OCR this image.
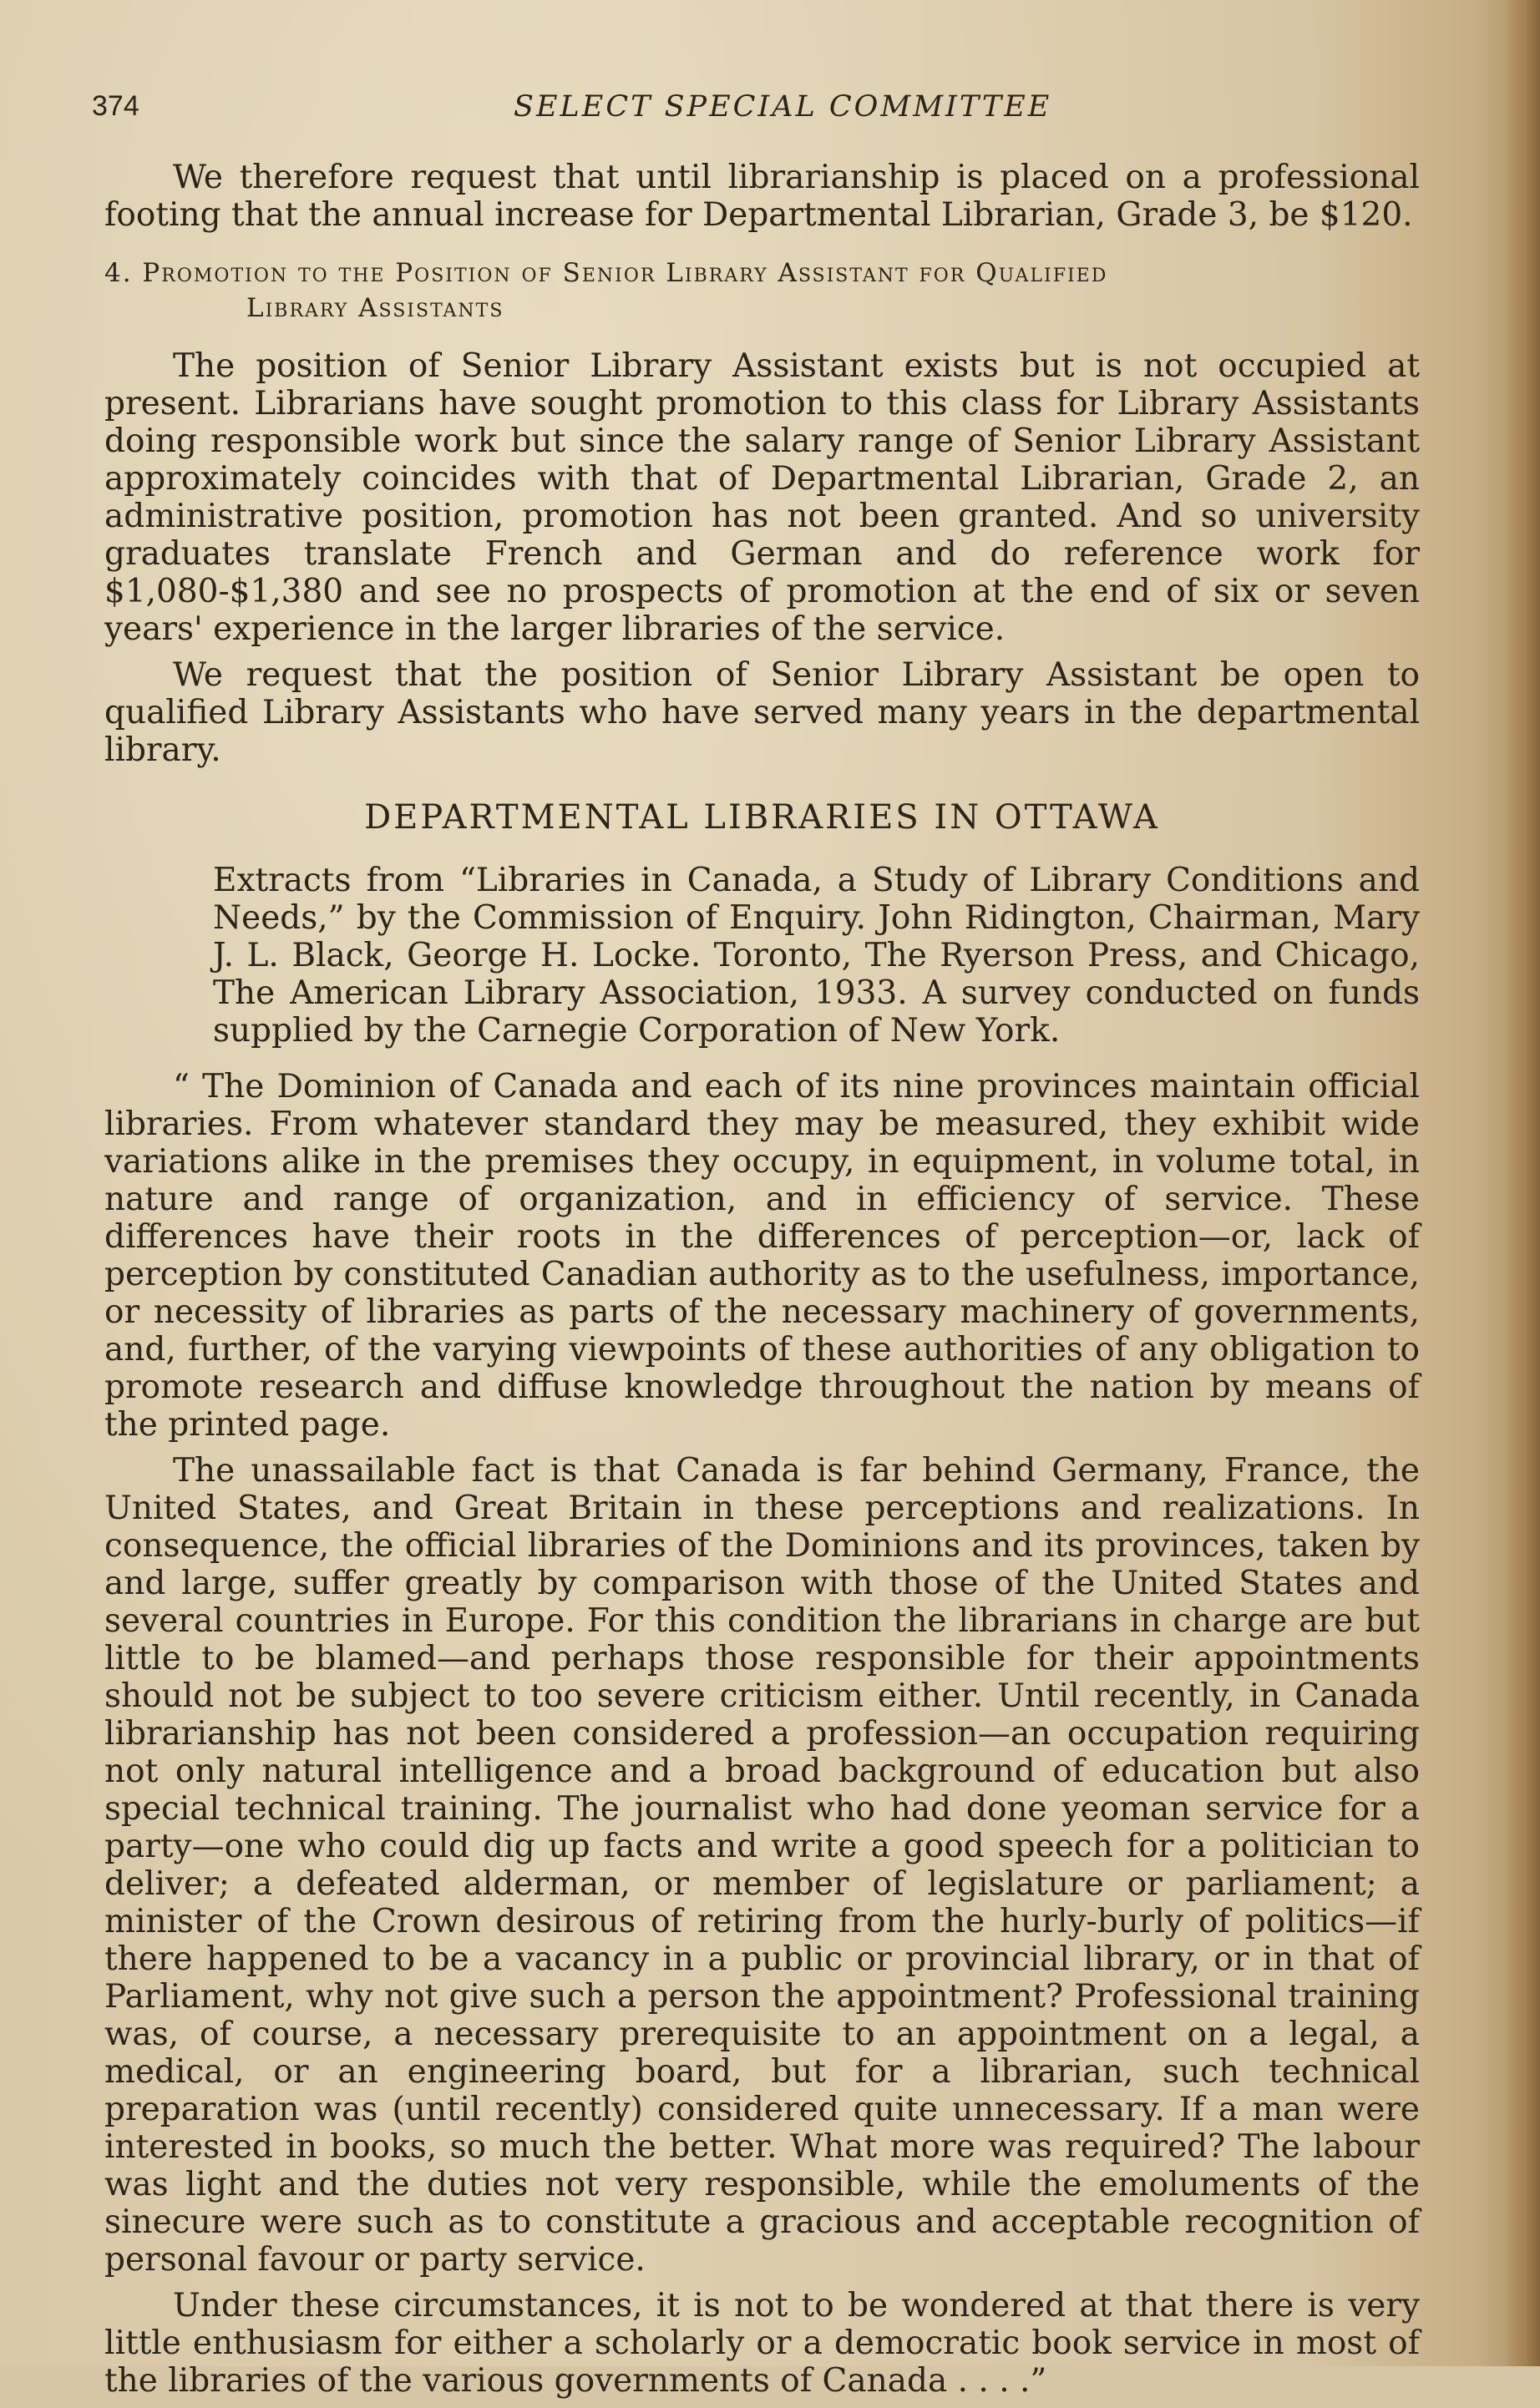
374	SELECT SPECIAL COMMITTEE

We therefore request that until librarianship is placed on a professional footing that the annual increase for Departmental Librarian, Grade 3, be $120.

4. Promotion to the Position of Senior Library Assistant for Qualified
Library Assistants

The position of Senior Library Assistant exists but is not occupied at present. Librarians have sought promotion to this class for Library Assistants doing responsible work but since the salary range of Senior Library Assistant approximately coincides with that of Departmental Librarian, Grade 2, an administrative position, promotion has not been granted. And so university graduates translate French and German and do reference work for $1,080-$1,380 and see no prospects of promotion at the end of six or seven years' experience in the larger libraries of the service.

We request that the position of Senior Library Assistant be open to qualified Library Assistants who have served many years in the departmental library.

DEPARTMENTAL LIBRARIES IN OTTAWA

Extracts from “Libraries in Canada, a Study of Library Conditions and Needs,” by the Commission of Enquiry. John Ridington, Chairman, Mary J. L. Black, George H. Locke. Toronto, The Ryerson Press, and Chicago, The American Library Association, 1933. A survey conducted on funds supplied by the Carnegie Corporation of New York.

“ The Dominion of Canada and each of its nine provinces maintain official libraries. From whatever standard they may be measured, they exhibit wide variations alike in the premises they occupy, in equipment, in volume total, in nature and range of organization, and in efficiency of service. These differences have their roots in the differences of perception—or, lack of perception by constituted Canadian authority as to the usefulness, importance, or necessity of libraries as parts of the necessary machinery of governments, and, further, of the varying viewpoints of these authorities of any obligation to promote research and diffuse knowledge throughout the nation by means of the printed page.

The unassailable fact is that Canada is far behind Germany, France, the United States, and Great Britain in these perceptions and realizations. In consequence, the official libraries of the Dominions and its provinces, taken by and large, suffer greatly by comparison with those of the United States and several countries in Europe. For this condition the librarians in charge are but little to be blamed—and perhaps those responsible for their appointments should not be subject to too severe criticism either. Until recently, in Canada librarianship has not been considered a profession—an occupation requiring not only natural intelligence and a broad background of education but also special technical training. The journalist who had done yeoman service for a party—one who could dig up facts and write a good speech for a politician to deliver; a defeated alderman, or member of legislature or parliament; a minister of the Crown desirous of retiring from the hurly-burly of politics—if there happened to be a vacancy in a public or provincial library, or in that of Parliament, why not give such a person the appointment? Professional training was, of course, a necessary prerequisite to an appointment on a legal, a medical, or an engineering board, but for a librarian, such technical preparation was (until recently) considered quite unnecessary. If a man were interested in books, so much the better. What more was required? The labour was light and the duties not very responsible, while the emoluments of the sinecure were such as to constitute a gracious and acceptable recognition of personal favour or party service.

Under these circumstances, it is not to be wondered at that there is very little enthusiasm for either a scholarly or a democratic book service in most of the libraries of the various governments of Canada . . . .”
